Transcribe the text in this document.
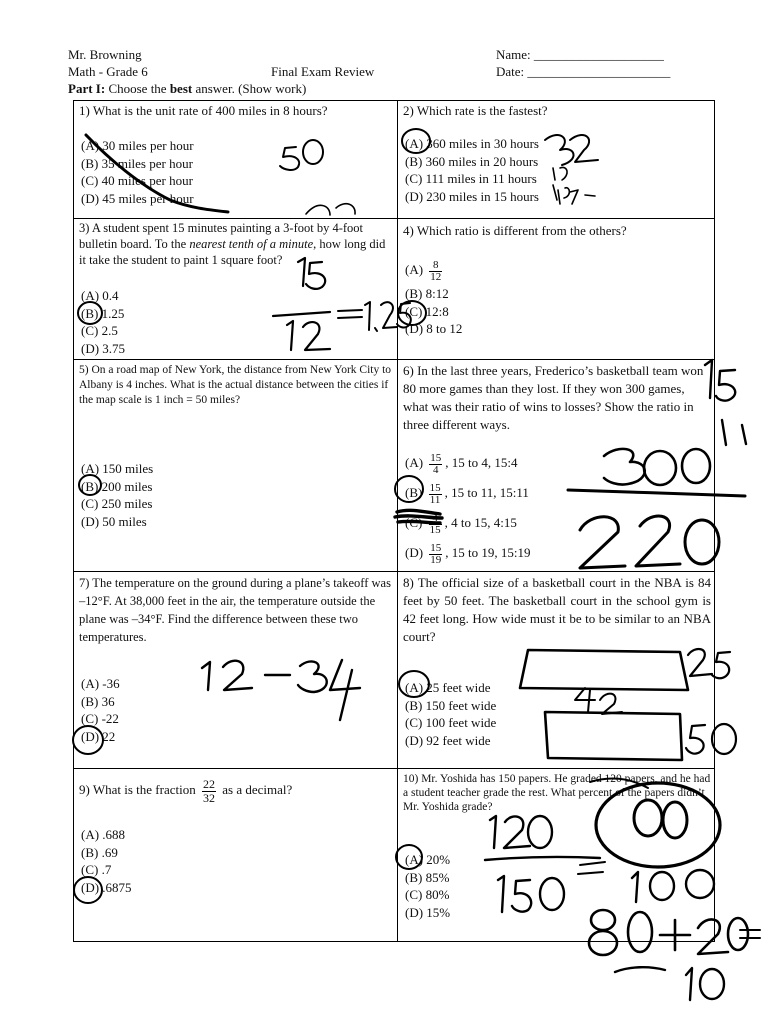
Mr. Browning
Math - Grade 6	Final Exam Review
Name: ____________________
Date: ______________________
Part I: Choose the best answer. (Show work)
1) What is the unit rate of 400 miles in 8 hours?
(A) 30 miles per hour
(B) 35 miles per hour
(C) 40 miles per hour
(D) 45 miles per hour
2) Which rate is the fastest?
(A) 360 miles in 30 hours
(B) 360 miles in 20 hours
(C) 111 miles in 11 hours
(D) 230 miles in 15 hours
3) A student spent 15 minutes painting a 3-foot by 4-foot bulletin board. To the nearest tenth of a minute, how long did it take the student to paint 1 square foot?
(A) 0.4
(B) 1.25
(C) 2.5
(D) 3.75
4) Which ratio is different from the others?
$(A) \frac{8}{12}$
(B) 8:12
(C) 12:8
(D) 8 to 12
5) On a road map of New York, the distance from New York City to Albany is 4 inches. What is the actual distance between the cities if the map scale is 1 inch = 50 miles?
(A) 150 miles
(B) 200 miles
(C) 250 miles
(D) 50 miles
6) In the last three years, Frederico’s basketball team won 80 more games than they lost. If they won 300 games, what was their ratio of wins to losses? Show the ratio in three different ways.
$(A) \frac{15}{4}$ , 15 to 4, 15:4
$(B) \frac{15}{11}$ , 15 to 11, 15:11
$(C) \frac{4}{15}$ , 4 to 15, 4:15
$(D) \frac{15}{19}$ , 15 to 19, 15:19
7) The temperature on the ground during a plane’s takeoff was –12°F. At 38,000 feet in the air, the temperature outside the plane was –34°F. Find the difference between these two temperatures.
(A) -36
(B) 36
(C) -22
(D) 22
8) The official size of a basketball court in the NBA is 84 feet by 50 feet. The basketball court in the school gym is 42 feet long. How wide must it be to be similar to an NBA court?
(A) 25 feet wide
(B) 150 feet wide
(C) 100 feet wide
(D) 92 feet wide
9) What is the fraction $\frac{22}{32}$ as a decimal?
(A) .688
(B) .69
(C) .7
(D) .6875
10) Mr. Yoshida has 150 papers. He graded 120 papers, and he had a student teacher grade the rest. What percent of the papers didn’t Mr. Yoshida grade?
(A) 20%
(B) 85%
(C) 80%
(D) 15%
